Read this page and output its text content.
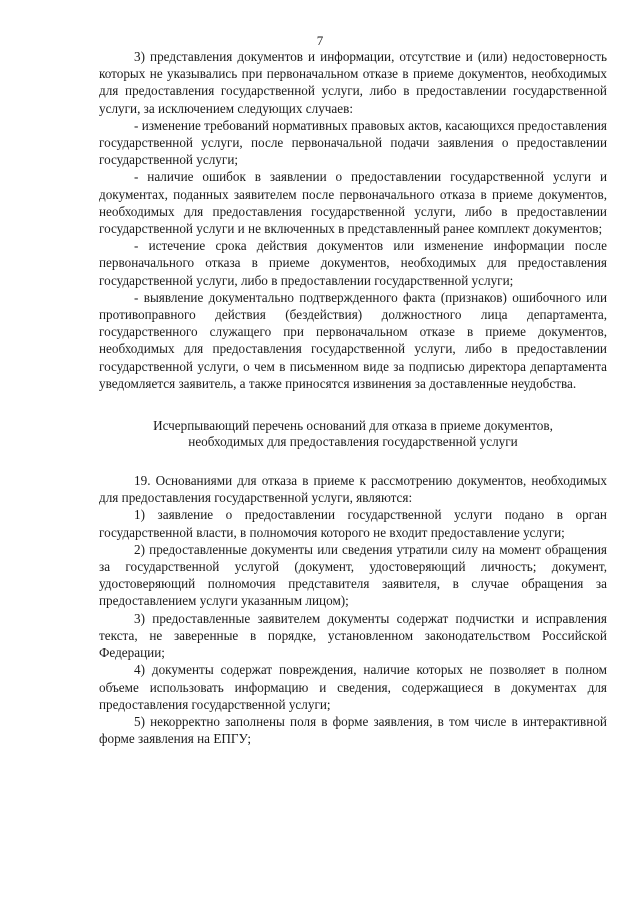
7

3) представления документов и информации, отсутствие и (или) недостоверность которых не указывались при первоначальном отказе в приеме документов, необходимых для предоставления государственной услуги, либо в предоставлении государственной услуги, за исключением следующих случаев:

- изменение требований нормативных правовых актов, касающихся предоставления государственной услуги, после первоначальной подачи заявления о предоставлении государственной услуги;

- наличие ошибок в заявлении о предоставлении государственной услуги и документах, поданных заявителем после первоначального отказа в приеме документов, необходимых для предоставления государственной услуги, либо в предоставлении государственной услуги и не включенных в представленный ранее комплект документов;

- истечение срока действия документов или изменение информации после первоначального отказа в приеме документов, необходимых для предоставления государственной услуги, либо в предоставлении государственной услуги;

- выявление документально подтвержденного факта (признаков) ошибочного или противоправного действия (бездействия) должностного лица департамента, государственного служащего при первоначальном отказе в приеме документов, необходимых для предоставления государственной услуги, либо в предоставлении государственной услуги, о чем в письменном виде за подписью директора департамента уведомляется заявитель, а также приносятся извинения за доставленные неудобства.

Исчерпывающий перечень оснований для отказа в приеме документов, необходимых для предоставления государственной услуги

19. Основаниями для отказа в приеме к рассмотрению документов, необходимых для предоставления государственной услуги, являются:

1) заявление о предоставлении государственной услуги подано в орган государственной власти, в полномочия которого не входит предоставление услуги;

2) предоставленные документы или сведения утратили силу на момент обращения за государственной услугой (документ, удостоверяющий личность; документ, удостоверяющий полномочия представителя заявителя, в случае обращения за предоставлением услуги указанным лицом);

3) предоставленные заявителем документы содержат подчистки и исправления текста, не заверенные в порядке, установленном законодательством Российской Федерации;

4) документы содержат повреждения, наличие которых не позволяет в полном объеме использовать информацию и сведения, содержащиеся в документах для предоставления государственной услуги;

5) некорректно заполнены поля в форме заявления, в том числе в интерактивной форме заявления на ЕПГУ;
